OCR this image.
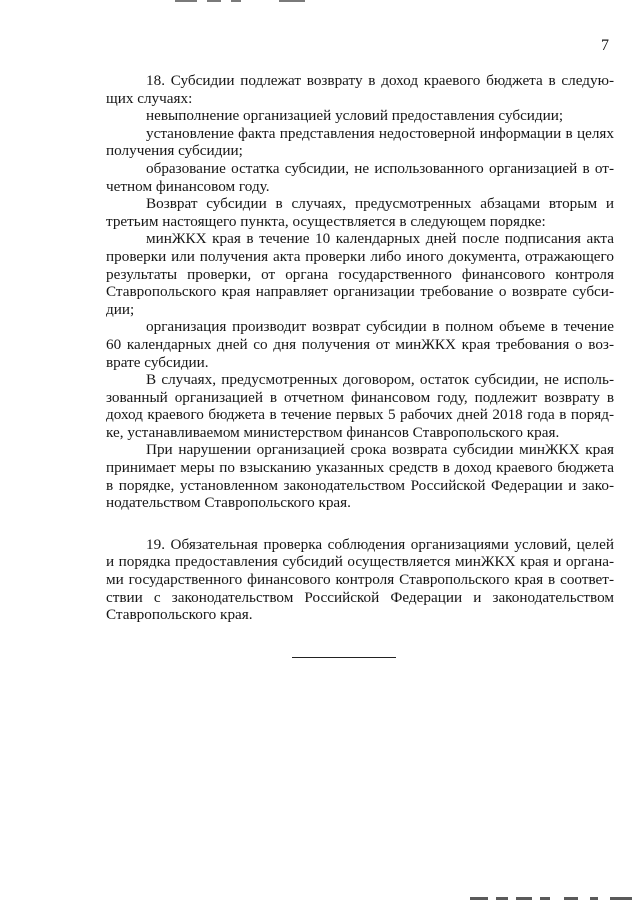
7

18. Субсидии подлежат возврату в доход краевого бюджета в следующих случаях:

невыполнение организацией условий предоставления субсидии;

установление факта представления недостоверной информации в целях получения субсидии;

образование остатка субсидии, не использованного организацией в отчетном финансовом году.

Возврат субсидии в случаях, предусмотренных абзацами вторым и третьим настоящего пункта, осуществляется в следующем порядке:

минЖКХ края в течение 10 календарных дней после подписания акта проверки или получения акта проверки либо иного документа, отражающего результаты проверки, от органа государственного финансового контроля Ставропольского края направляет организации требование о возврате субсидии;

организация производит возврат субсидии в полном объеме в течение 60 календарных дней со дня получения от минЖКХ края требования о возврате субсидии.

В случаях, предусмотренных договором, остаток субсидии, не использованный организацией в отчетном финансовом году, подлежит возврату в доход краевого бюджета в течение первых 5 рабочих дней 2018 года в порядке, устанавливаемом министерством финансов Ставропольского края.

При нарушении организацией срока возврата субсидии минЖКХ края принимает меры по взысканию указанных средств в доход краевого бюджета в порядке, установленном законодательством Российской Федерации и законодательством Ставропольского края.

19. Обязательная проверка соблюдения организациями условий, целей и порядка предоставления субсидий осуществляется минЖКХ края и органами государственного финансового контроля Ставропольского края в соответствии с законодательством Российской Федерации и законодательством Ставропольского края.
